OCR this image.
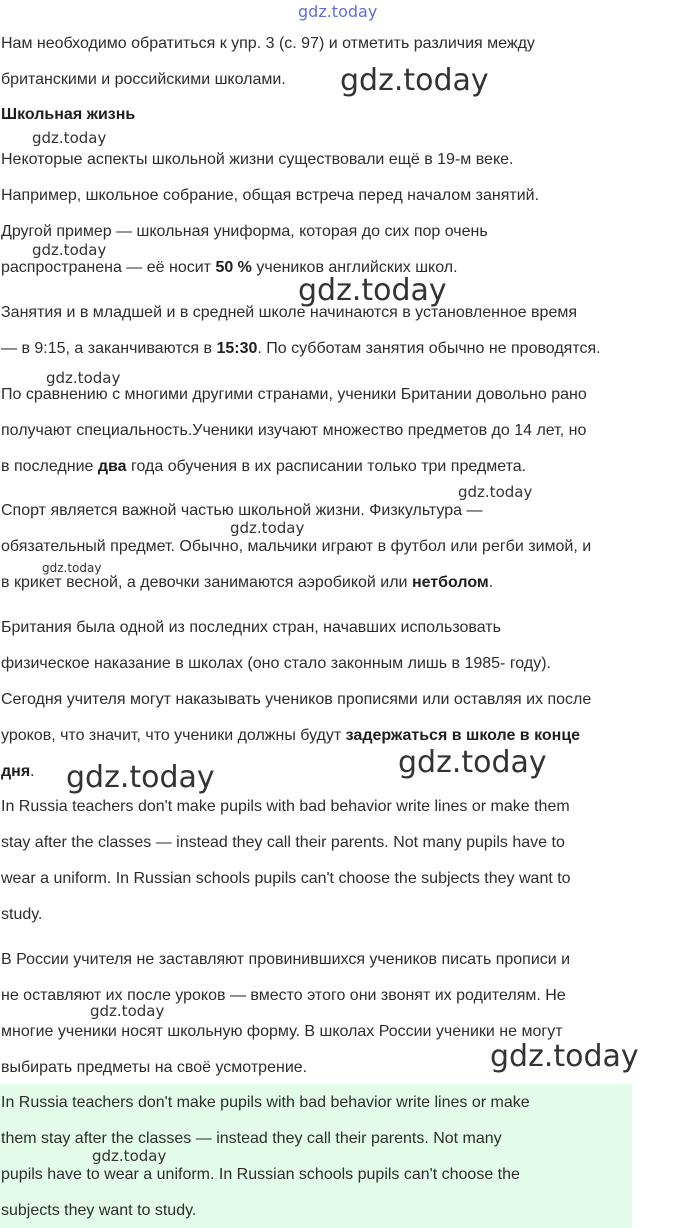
Нам необходимо обратиться к упр. 3 (с. 97) и отметить различия между
британскими и российскими школами.
Школьная жизнь
Некоторые аспекты школьной жизни существовали ещё в 19-м веке.
Например, школьное собрание, общая встреча перед началом занятий.
Другой пример — школьная униформа, которая до сих пор очень
распространена — её носит 50 % учеников английских школ.
Занятия и в младшей и в средней школе начинаются в установленное время
— в 9:15, а заканчиваются в 15:30. По субботам занятия обычно не проводятся.
По сравнению с многими другими странами, ученики Британии довольно рано
получают специальность.Ученики изучают множество предметов до 14 лет, но
в последние два года обучения в их расписании только три предмета.
Спорт является важной частью школьной жизни. Физкультура —
обязательный предмет. Обычно, мальчики играют в футбол или регби зимой, и
в крикет весной, а девочки занимаются аэробикой или нетболом.
Британия была одной из последних стран, начавших использовать
физическое наказание в школах (оно стало законным лишь в 1985- году).
Сегодня учителя могут наказывать учеников прописями или оставляя их после
уроков, что значит, что ученики должны будут задержаться в школе в конце
дня.
In Russia teachers don't make pupils with bad behavior write lines or make them
stay after the classes — instead they call their parents. Not many pupils have to
wear a uniform. In Russian schools pupils can't choose the subjects they want to
study.
В России учителя не заставляют провинившихся учеников писать прописи и
не оставляют их после уроков — вместо этого они звонят их родителям. Не
многие ученики носят школьную форму. В школах России ученики не могут
выбирать предметы на своё усмотрение.
In Russia teachers don't make pupils with bad behavior write lines or make
them stay after the classes — instead they call their parents. Not many
pupils have to wear a uniform. In Russian schools pupils can't choose the
subjects they want to study.
gdz.today
gdz.today
gdz.today
gdz.today
gdz.today
gdz.today
gdz.today
gdz.today
gdz.today
gdz.today
gdz.today
gdz.today
gdz.today
gdz.today
